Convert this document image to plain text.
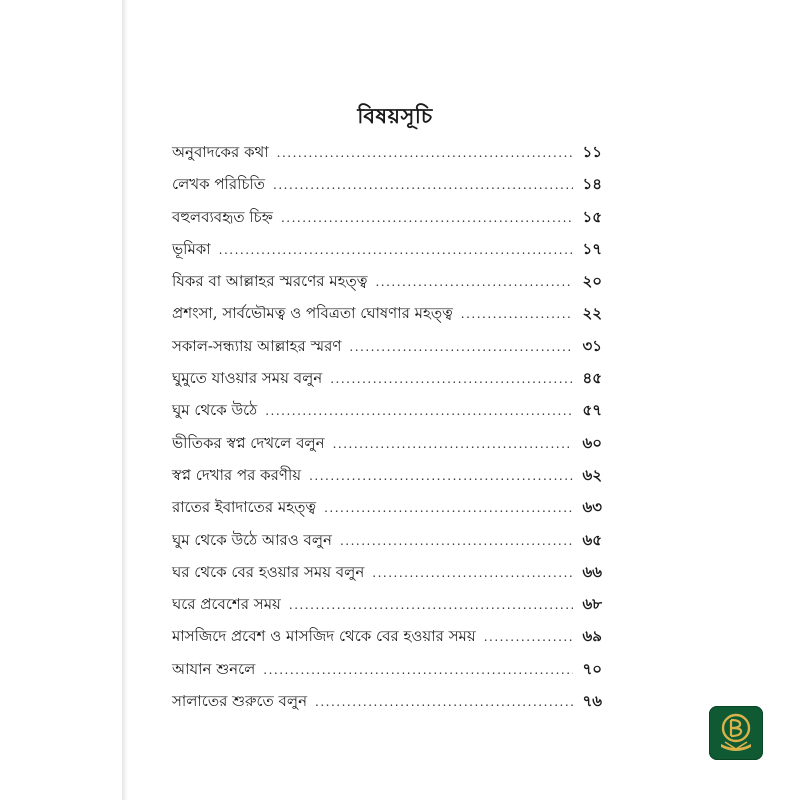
বিষয়সূচি
অনুবাদকের কথা .....	১১
লেখক পরিচিতি .....	১৪
বহুলব্যবহৃত চিহ্ন .....	১৫
ভূমিকা .....	১৭
যিকর বা আল্লাহর স্মরণের মহত্ত্ব .....	২০
প্রশংসা, সার্বভৌমত্ব ও পবিত্রতা ঘোষণার মহত্ত্ব .....	২২
সকাল-সন্ধ্যায় আল্লাহর স্মরণ .....	৩১
ঘুমুতে যাওয়ার সময় বলুন .....	৪৫
ঘুম থেকে উঠে .....	৫৭
ভীতিকর স্বপ্ন দেখলে বলুন .....	৬০
স্বপ্ন দেখার পর করণীয় .....	৬২
রাতের ইবাদাতের মহত্ত্ব .....	৬৩
ঘুম থেকে উঠে আরও বলুন .....	৬৫
ঘর থেকে বের হওয়ার সময় বলুন .....	৬৬
ঘরে প্রবেশের সময় .....	৬৮
মাসজিদে প্রবেশ ও মাসজিদ থেকে বের হওয়ার সময় .....	৬৯
আযান শুনলে .....	৭০
সালাতের শুরুতে বলুন .....	৭৬
